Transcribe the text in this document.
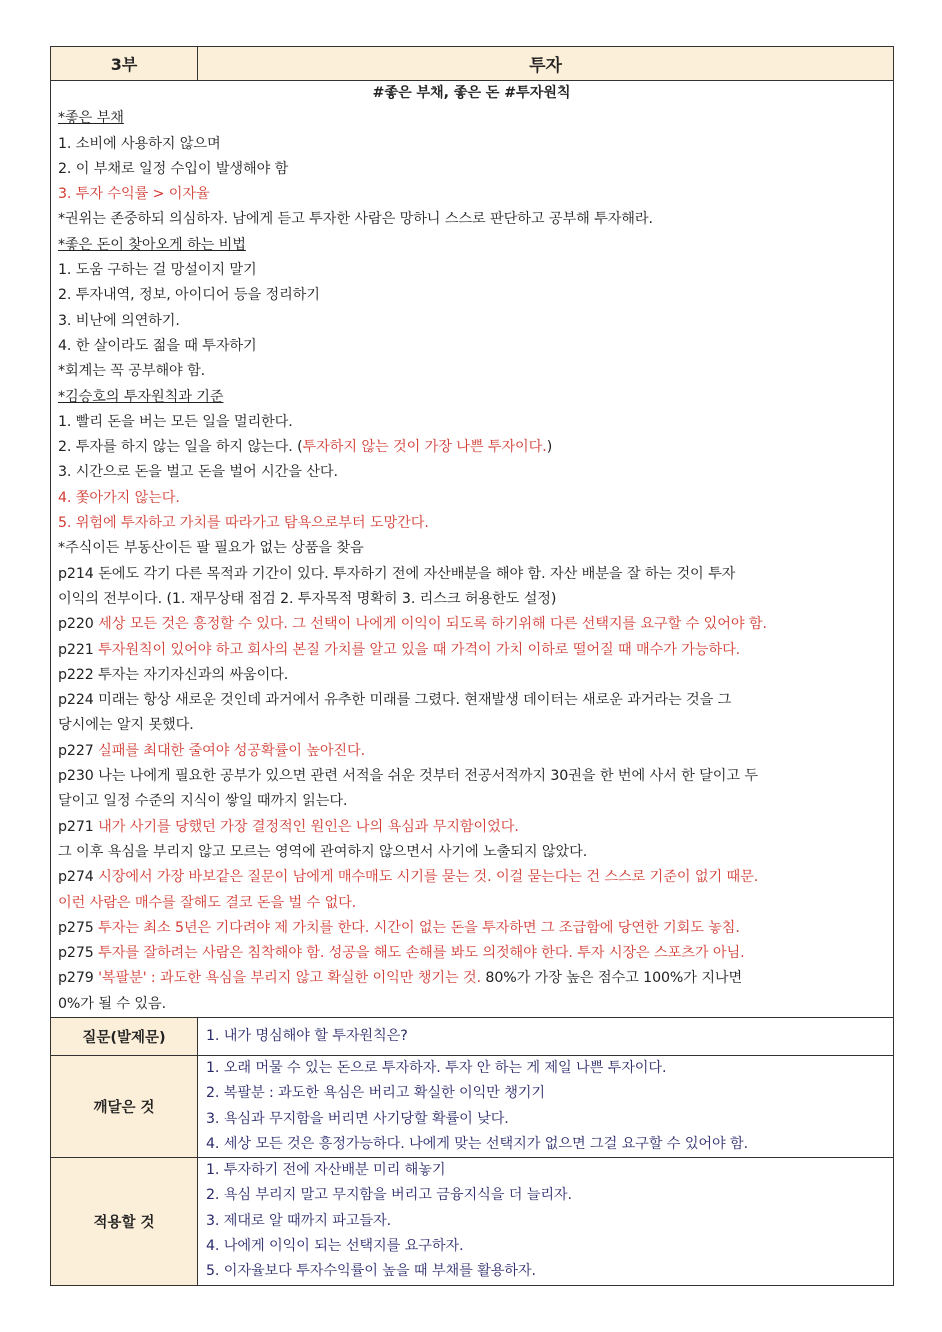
3부	투자
#좋은 부채, 좋은 돈 #투자원칙
*좋은 부채
1. 소비에 사용하지 않으며
2. 이 부채로 일정 수입이 발생해야 함
3. 투자 수익률 > 이자율
*권위는 존중하되 의심하자. 남에게 듣고 투자한 사람은 망하니 스스로 판단하고 공부해 투자해라.
*좋은 돈이 찾아오게 하는 비법
1. 도움 구하는 걸 망설이지 말기
2. 투자내역, 정보, 아이디어 등을 정리하기
3. 비난에 의연하기.
4. 한 살이라도 젊을 때 투자하기
*회계는 꼭 공부해야 함.
*김승호의 투자원칙과 기준
1. 빨리 돈을 버는 모든 일을 멀리한다.
2. 투자를 하지 않는 일을 하지 않는다. (투자하지 않는 것이 가장 나쁜 투자이다.)
3. 시간으로 돈을 벌고 돈을 벌어 시간을 산다.
4. 쫓아가지 않는다.
5. 위험에 투자하고 가치를 따라가고 탐욕으로부터 도망간다.
*주식이든 부동산이든 팔 필요가 없는 상품을 찾음
p214 돈에도 각기 다른 목적과 기간이 있다. 투자하기 전에 자산배분을 해야 함. 자산 배분을 잘 하는 것이 투자
이익의 전부이다. (1. 재무상태 점검 2. 투자목적 명확히 3. 리스크 허용한도 설정)
p220 세상 모든 것은 흥정할 수 있다. 그 선택이 나에게 이익이 되도록 하기위해 다른 선택지를 요구할 수 있어야 함.
p221 투자원칙이 있어야 하고 회사의 본질 가치를 알고 있을 때 가격이 가치 이하로 떨어질 때 매수가 가능하다.
p222 투자는 자기자신과의 싸움이다.
p224 미래는 항상 새로운 것인데 과거에서 유추한 미래를 그렸다. 현재발생 데이터는 새로운 과거라는 것을 그
당시에는 알지 못했다.
p227 실패를 최대한 줄여야 성공확률이 높아진다.
p230 나는 나에게 필요한 공부가 있으면 관련 서적을 쉬운 것부터 전공서적까지 30권을 한 번에 사서 한 달이고 두
달이고 일정 수준의 지식이 쌓일 때까지 읽는다.
p271 내가 사기를 당했던 가장 결정적인 원인은 나의 욕심과 무지함이었다.
그 이후 욕심을 부리지 않고 모르는 영역에 관여하지 않으면서 사기에 노출되지 않았다.
p274 시장에서 가장 바보같은 질문이 남에게 매수매도 시기를 묻는 것. 이걸 묻는다는 건 스스로 기준이 없기 때문.
이런 사람은 매수를 잘해도 결코 돈을 벌 수 없다.
p275 투자는 최소 5년은 기다려야 제 가치를 한다. 시간이 없는 돈을 투자하면 그 조급함에 당연한 기회도 놓침.
p275 투자를 잘하려는 사람은 침착해야 함. 성공을 해도 손해를 봐도 의젓해야 한다. 투자 시장은 스포츠가 아님.
p279 '복팔분' : 과도한 욕심을 부리지 않고 확실한 이익만 챙기는 것. 80%가 가장 높은 점수고 100%가 지나면
0%가 될 수 있음.
질문(발제문)	1. 내가 명심해야 할 투자원칙은?
깨달은 것
1. 오래 머물 수 있는 돈으로 투자하자. 투자 안 하는 게 제일 나쁜 투자이다.
2. 복팔분 : 과도한 욕심은 버리고 확실한 이익만 챙기기
3. 욕심과 무지함을 버리면 사기당할 확률이 낮다.
4. 세상 모든 것은 흥정가능하다. 나에게 맞는 선택지가 없으면 그걸 요구할 수 있어야 함.
적용할 것
1. 투자하기 전에 자산배분 미리 해놓기
2. 욕심 부리지 말고 무지함을 버리고 금융지식을 더 늘리자.
3. 제대로 알 때까지 파고들자.
4. 나에게 이익이 되는 선택지를 요구하자.
5. 이자율보다 투자수익률이 높을 때 부채를 활용하자.
